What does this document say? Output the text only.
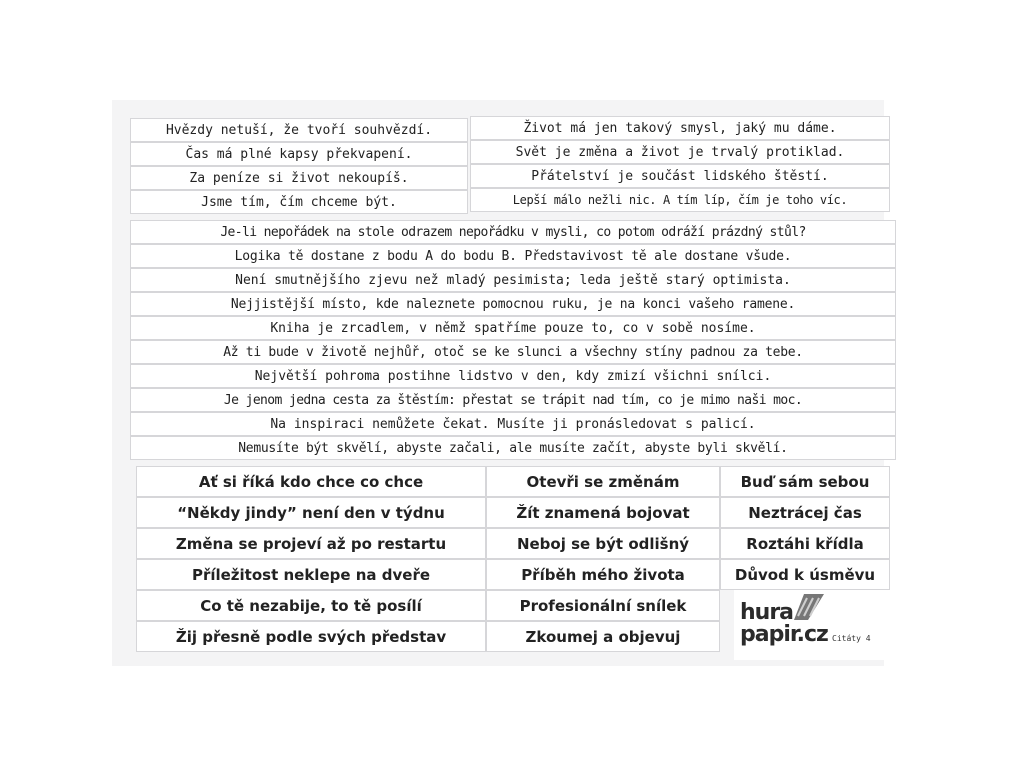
Hvězdy netuší, že tvoří souhvězdí.	Život má jen takový smysl, jaký mu dáme.
Čas má plné kapsy překvapení.	Svět je změna a život je trvalý protiklad.
Za peníze si život nekoupíš.	Přátelství je součást lidského štěstí.
Jsme tím, čím chceme být.	Lepší málo nežli nic. A tím líp, čím je toho víc.
Je-li nepořádek na stole odrazem nepořádku v mysli, co potom odráží prázdný stůl?
Logika tě dostane z bodu A do bodu B. Představivost tě ale dostane všude.
Není smutnějšího zjevu než mladý pesimista; leda ještě starý optimista.
Nejjistější místo, kde naleznete pomocnou ruku, je na konci vašeho ramene.
Kniha je zrcadlem, v němž spatříme pouze to, co v sobě nosíme.
Až ti bude v životě nejhůř, otoč se ke slunci a všechny stíny padnou za tebe.
Největší pohroma postihne lidstvo v den, kdy zmizí všichni snílci.
Je jenom jedna cesta za štěstím: přestat se trápit nad tím, co je mimo naši moc.
Na inspiraci nemůžete čekat. Musíte ji pronásledovat s palicí.
Nemusíte být skvělí, abyste začali, ale musíte začít, abyste byli skvělí.
Ať si říká kdo chce co chce
“Někdy jindy” není den v týdnu
Změna se projeví až po restartu
Příležitost neklepe na dveře
Co tě nezabije, to tě posílí
Žij přesně podle svých představ
Otevři se změnám
Žít znamená bojovat
Neboj se být odlišný
Příběh mého života
Profesionální snílek
Zkoumej a objevuj
Buď sám sebou
Neztrácej čas
Roztáhi křídla
Důvod k úsměvu
hura
papir.cz Citáty 4
